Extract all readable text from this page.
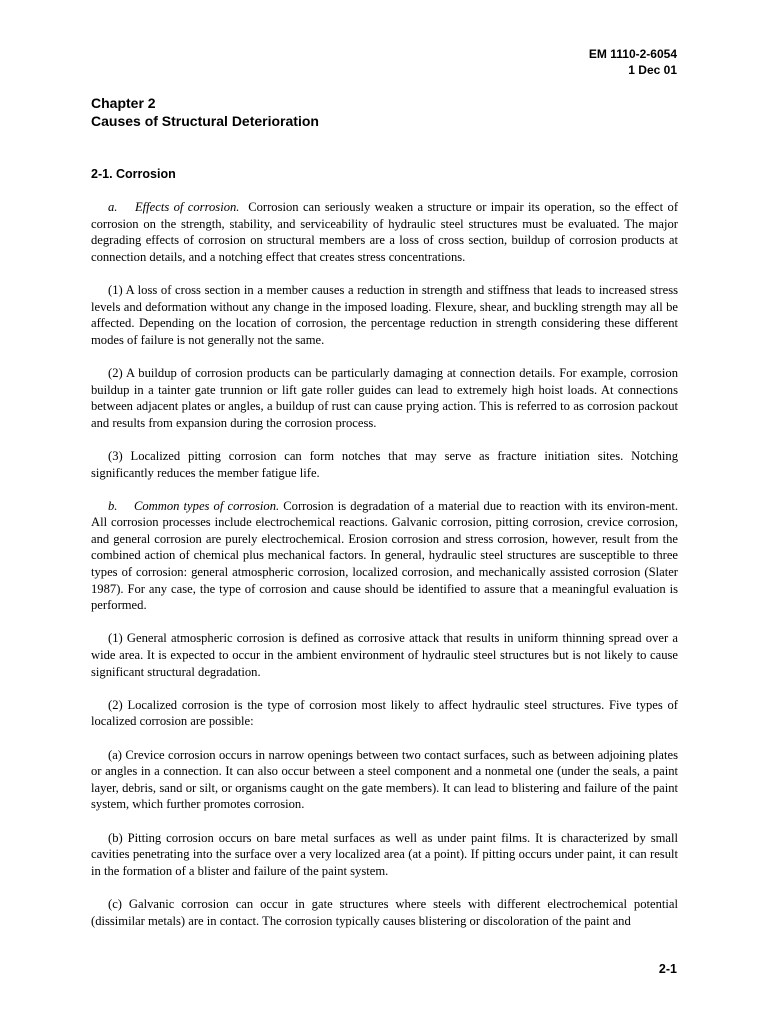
EM 1110-2-6054
1 Dec 01
Chapter 2
Causes of Structural Deterioration
2-1. Corrosion

a. Effects of corrosion. Corrosion can seriously weaken a structure or impair its operation, so the effect of corrosion on the strength, stability, and serviceability of hydraulic steel structures must be evaluated. The major degrading effects of corrosion on structural members are a loss of cross section, buildup of corrosion products at connection details, and a notching effect that creates stress concentrations.

(1) A loss of cross section in a member causes a reduction in strength and stiffness that leads to increased stress levels and deformation without any change in the imposed loading. Flexure, shear, and buckling strength may all be affected. Depending on the location of corrosion, the percentage reduction in strength considering these different modes of failure is not generally not the same.

(2) A buildup of corrosion products can be particularly damaging at connection details. For example, corrosion buildup in a tainter gate trunnion or lift gate roller guides can lead to extremely high hoist loads. At connections between adjacent plates or angles, a buildup of rust can cause prying action. This is referred to as corrosion packout and results from expansion during the corrosion process.

(3) Localized pitting corrosion can form notches that may serve as fracture initiation sites. Notching significantly reduces the member fatigue life.

b. Common types of corrosion. Corrosion is degradation of a material due to reaction with its environ-ment. All corrosion processes include electrochemical reactions. Galvanic corrosion, pitting corrosion, crevice corrosion, and general corrosion are purely electrochemical. Erosion corrosion and stress corrosion, however, result from the combined action of chemical plus mechanical factors. In general, hydraulic steel structures are susceptible to three types of corrosion: general atmospheric corrosion, localized corrosion, and mechanically assisted corrosion (Slater 1987). For any case, the type of corrosion and cause should be identified to assure that a meaningful evaluation is performed.

(1) General atmospheric corrosion is defined as corrosive attack that results in uniform thinning spread over a wide area. It is expected to occur in the ambient environment of hydraulic steel structures but is not likely to cause significant structural degradation.

(2) Localized corrosion is the type of corrosion most likely to affect hydraulic steel structures. Five types of localized corrosion are possible:

(a) Crevice corrosion occurs in narrow openings between two contact surfaces, such as between adjoining plates or angles in a connection. It can also occur between a steel component and a nonmetal one (under the seals, a paint layer, debris, sand or silt, or organisms caught on the gate members). It can lead to blistering and failure of the paint system, which further promotes corrosion.

(b) Pitting corrosion occurs on bare metal surfaces as well as under paint films. It is characterized by small cavities penetrating into the surface over a very localized area (at a point). If pitting occurs under paint, it can result in the formation of a blister and failure of the paint system.

(c) Galvanic corrosion can occur in gate structures where steels with different electrochemical potential (dissimilar metals) are in contact. The corrosion typically causes blistering or discoloration of the paint and

2-1
